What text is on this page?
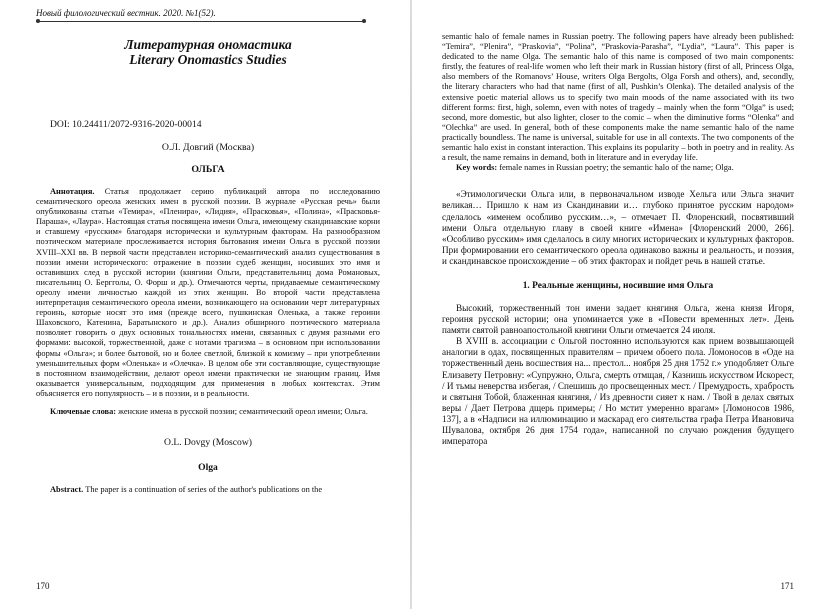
Новый филологический вестник. 2020. №1(52).
Литературная ономастика
Literary Onomastics Studies
DOI: 10.24411/2072-9316-2020-00014
О.Л. Довгий (Москва)
ОЛЬГА

Аннотация. Статья продолжает серию публикаций автора по исследованию семантического ореола женских имен в русской поэзии. В журнале «Русская речь» были опубликованы статьи «Темира», «Пленира», «Лидия», «Прасковья», «Полина», «Прасковья-Параша», «Лаура». Настоящая статья посвящена имени Ольга, имеющему скандинавские корни и ставшему «русским» благодаря исторически и культурным факторам. На разнообразном поэтическом материале прослеживается история бытования имени Ольга в русской поэзии XVIII–XXI вв. В первой части представлен историко-семантический анализ существования в поэзии имени исторического: отражение в поэзии судеб женщин, носивших это имя и оставивших след в русской истории (княгини Ольги, представительниц дома Романовых, писательниц О. Бергголы, О. Форш и др.). Отмечаются черты, придаваемые семантическому ореолу имени личностью каждой из этих женщин. Во второй части представлена интерпретация семантического ореола имени, возникающего на основании черт литературных героинь, которые носят это имя (прежде всего, пушкинская Оленька, а также героини Шаховского, Катенина, Баратынского и др.). Анализ обширного поэтического материала позволяет говорить о двух основных тональностях имени, связанных с двумя разными его формами: высокой, торжественной, даже с нотами трагизма – в основном при использовании формы «Ольга»; и более бытовой, но и более светлой, близкой к комизму – при употреблении уменьшительных форм «Оленька» и «Олечка». В целом обе эти составляющие, существующие в постоянном взаимодействии, делают ореол имени практически не знающим границ. Имя оказывается универсальным, подходящим для применения в любых контекстах. Этим объясняется его популярность – и в поэзии, и в реальности.

Ключевые слова: женские имена в русской поэзии; семантический ореол имени; Ольга.

O.L. Dovgy (Moscow)
Olga

Abstract. The paper is a continuation of series of the author's publications on the

170

semantic halo of female names in Russian poetry. The following papers have already been published: “Temira”, “Plenira”, “Praskovia”, “Polina”, “Praskovia-Parasha”, “Lydia”, “Laura”. This paper is dedicated to the name Olga. The semantic halo of this name is composed of two main components: firstly, the features of real-life women who left their mark in Russian history (first of all, Princess Olga, also members of the Romanovs’ House, writers Olga Bergolts, Olga Forsh and others), and, secondly, the literary characters who had that name (first of all, Pushkin’s Olenka). The detailed analysis of the extensive poetic material allows us to specify two main moods of the name associated with its two different forms: first, high, solemn, even with notes of tragedy – mainly when the form “Olga” is used; second, more domestic, but also lighter, closer to the comic – when the diminutive forms “Olenka” and “Olechka” are used. In general, both of these components make the name semantic halo of the name practically boundless. The name is universal, suitable for use in all contexts. The two components of the semantic halo exist in constant interaction. This explains its popularity – both in poetry and in reality. As a result, the name remains in demand, both in literature and in everyday life.

Key words: female names in Russian poetry; the semantic halo of the name; Olga.

«Этимологически Ольга или, в первоначальном изводе Хельга или Эльга значит великая… Пришло к нам из Скандинавии и… глубоко принятое русским народом» сделалось «именем особливо русским…», – отмечает П. Флоренский, посвятивший имени Ольга отдельную главу в своей книге «Имена» [Флоренский 2000, 266]. «Особливо русским» имя сделалось в силу многих исторических и культурных факторов. При формировании его семантического ореола одинаково важны и реальность, и поэзия, и скандинавское происхождение – об этих факторах и пойдет речь в нашей статье.

1. Реальные женщины, носившие имя Ольга

Высокий, торжественный тон имени задает княгиня Ольга, жена князя Игоря, героиня русской истории; она упоминается уже в «Повести временных лет». День памяти святой равноапостольной княгини Ольги отмечается 24 июля.

В XVIII в. ассоциации с Ольгой постоянно используются как прием возвышающей аналогии в одах, посвященных правителям – причем обоего пола. Ломоносов в «Оде на торжественный день восшествия на... престол... ноября 25 дня 1752 г.» уподобляет Ольге Елизавету Петровну: «Супружно, Ольга, смерть отмщая, / Казнишь искусством Искорест, / И тьмы неверства избегая, / Спешишь до просвещенных мест. / Премудрость, храбрость и святыня Тобой, блаженная княгиня, / Из древности сияет к нам. / Твой в делах святых веры / Дает Петрова дщерь примеры; / Но мстит умеренно врагам» [Ломоносов 1986, 137], а в «Надписи на иллюминацию и маскарад его сиятельства графа Петра Ивановича Шувалова, октября 26 дня 1754 года», написанной по случаю рождения будущего императора

171
